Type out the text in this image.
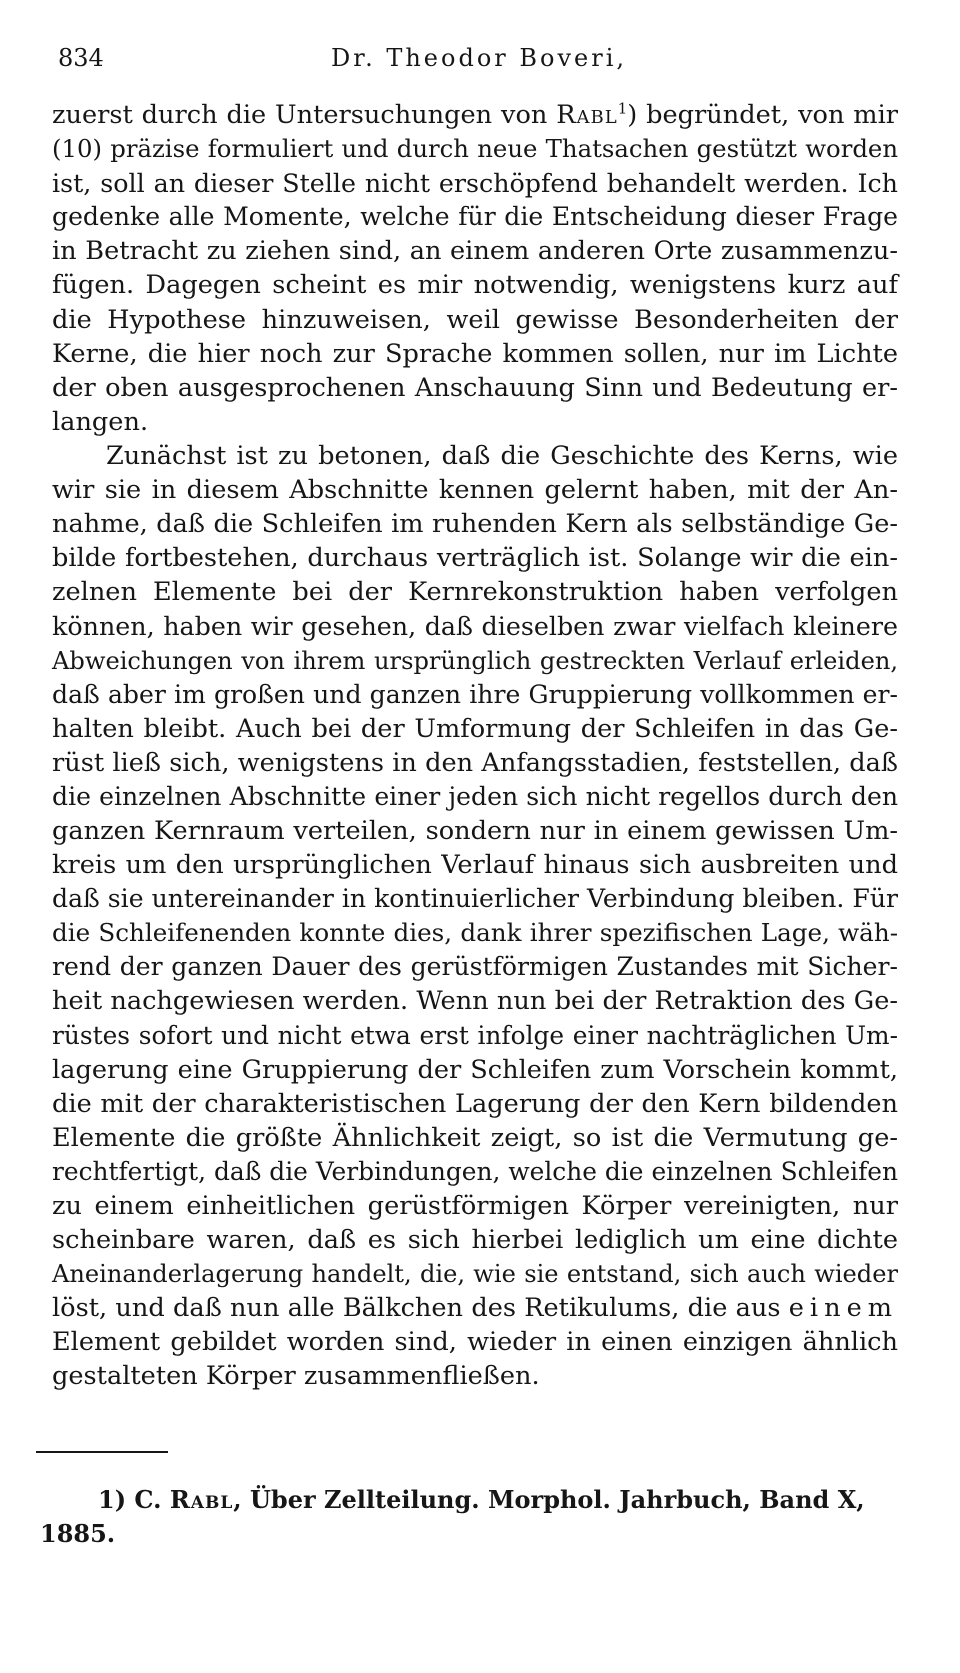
834	Dr. Theodor Boveri,
zuerst durch die Untersuchungen von Rabl$^1$) begründet, von mir
(10) präzise formuliert und durch neue Thatsachen gestützt worden
ist, soll an dieser Stelle nicht erschöpfend behandelt werden. Ich
gedenke alle Momente, welche für die Entscheidung dieser Frage
in Betracht zu ziehen sind, an einem anderen Orte zusammenzu-
fügen. Dagegen scheint es mir notwendig, wenigstens kurz auf
die Hypothese hinzuweisen, weil gewisse Besonderheiten der
Kerne, die hier noch zur Sprache kommen sollen, nur im Lichte
der oben ausgesprochenen Anschauung Sinn und Bedeutung er-
langen.
Zunächst ist zu betonen, daß die Geschichte des Kerns, wie
wir sie in diesem Abschnitte kennen gelernt haben, mit der An-
nahme, daß die Schleifen im ruhenden Kern als selbständige Ge-
bilde fortbestehen, durchaus verträglich ist. Solange wir die ein-
zelnen Elemente bei der Kernrekonstruktion haben verfolgen
können, haben wir gesehen, daß dieselben zwar vielfach kleinere
Abweichungen von ihrem ursprünglich gestreckten Verlauf erleiden,
daß aber im großen und ganzen ihre Gruppierung vollkommen er-
halten bleibt. Auch bei der Umformung der Schleifen in das Ge-
rüst ließ sich, wenigstens in den Anfangsstadien, feststellen, daß
die einzelnen Abschnitte einer jeden sich nicht regellos durch den
ganzen Kernraum verteilen, sondern nur in einem gewissen Um-
kreis um den ursprünglichen Verlauf hinaus sich ausbreiten und
daß sie untereinander in kontinuierlicher Verbindung bleiben. Für
die Schleifenenden konnte dies, dank ihrer spezifischen Lage, wäh-
rend der ganzen Dauer des gerüstförmigen Zustandes mit Sicher-
heit nachgewiesen werden. Wenn nun bei der Retraktion des Ge-
rüstes sofort und nicht etwa erst infolge einer nachträglichen Um-
lagerung eine Gruppierung der Schleifen zum Vorschein kommt,
die mit der charakteristischen Lagerung der den Kern bildenden
Elemente die größte Ähnlichkeit zeigt, so ist die Vermutung ge-
rechtfertigt, daß die Verbindungen, welche die einzelnen Schleifen
zu einem einheitlichen gerüstförmigen Körper vereinigten, nur
scheinbare waren, daß es sich hierbei lediglich um eine dichte
Aneinanderlagerung handelt, die, wie sie entstand, sich auch wieder
löst, und daß nun alle Bälkchen des Retikulums, die aus einem
Element gebildet worden sind, wieder in einen einzigen ähnlich
gestalteten Körper zusammenfließen.
1) C. Rabl, Über Zellteilung. Morphol. Jahrbuch, Band X,
1885.
